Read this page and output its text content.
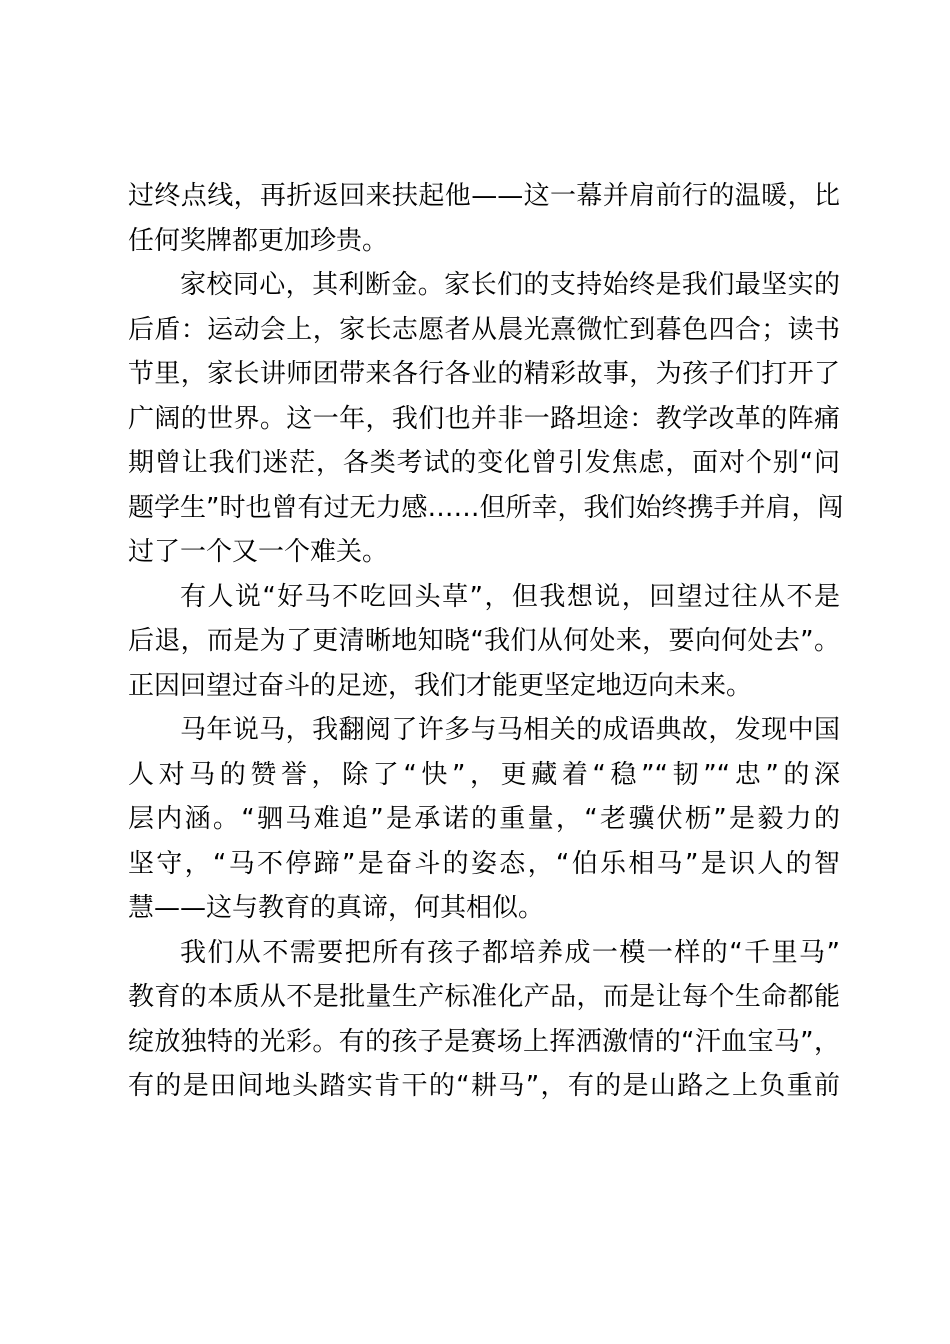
过终点线，再折返回来扶起他——这一幕并肩前行的温暖，比
任何奖牌都更加珍贵。
家校同心，其利断金。家长们的支持始终是我们最坚实的
后盾：运动会上，家长志愿者从晨光熹微忙到暮色四合；读书
节里，家长讲师团带来各行各业的精彩故事，为孩子们打开了
广阔的世界。这一年，我们也并非一路坦途：教学改革的阵痛
期曾让我们迷茫，各类考试的变化曾引发焦虑，面对个别“问
题学生”时也曾有过无力感……但所幸，我们始终携手并肩，闯
过了一个又一个难关。
有人说“好马不吃回头草”，但我想说，回望过往从不是
后退，而是为了更清晰地知晓“我们从何处来，要向何处去”。
正因回望过奋斗的足迹，我们才能更坚定地迈向未来。
马年说马，我翻阅了许多与马相关的成语典故，发现中国
人对马的赞誉，除了“快”，更藏着“稳”“韧”“忠”的深
层内涵。“驷马难追”是承诺的重量，“老骥伏枥”是毅力的
坚守，“马不停蹄”是奋斗的姿态，“伯乐相马”是识人的智
慧——这与教育的真谛，何其相似。
我们从不需要把所有孩子都培养成一模一样的“千里马”
教育的本质从不是批量生产标准化产品，而是让每个生命都能
绽放独特的光彩。有的孩子是赛场上挥洒激情的“汗血宝马”，
有的是田间地头踏实肯干的“耕马”，有的是山路之上负重前
